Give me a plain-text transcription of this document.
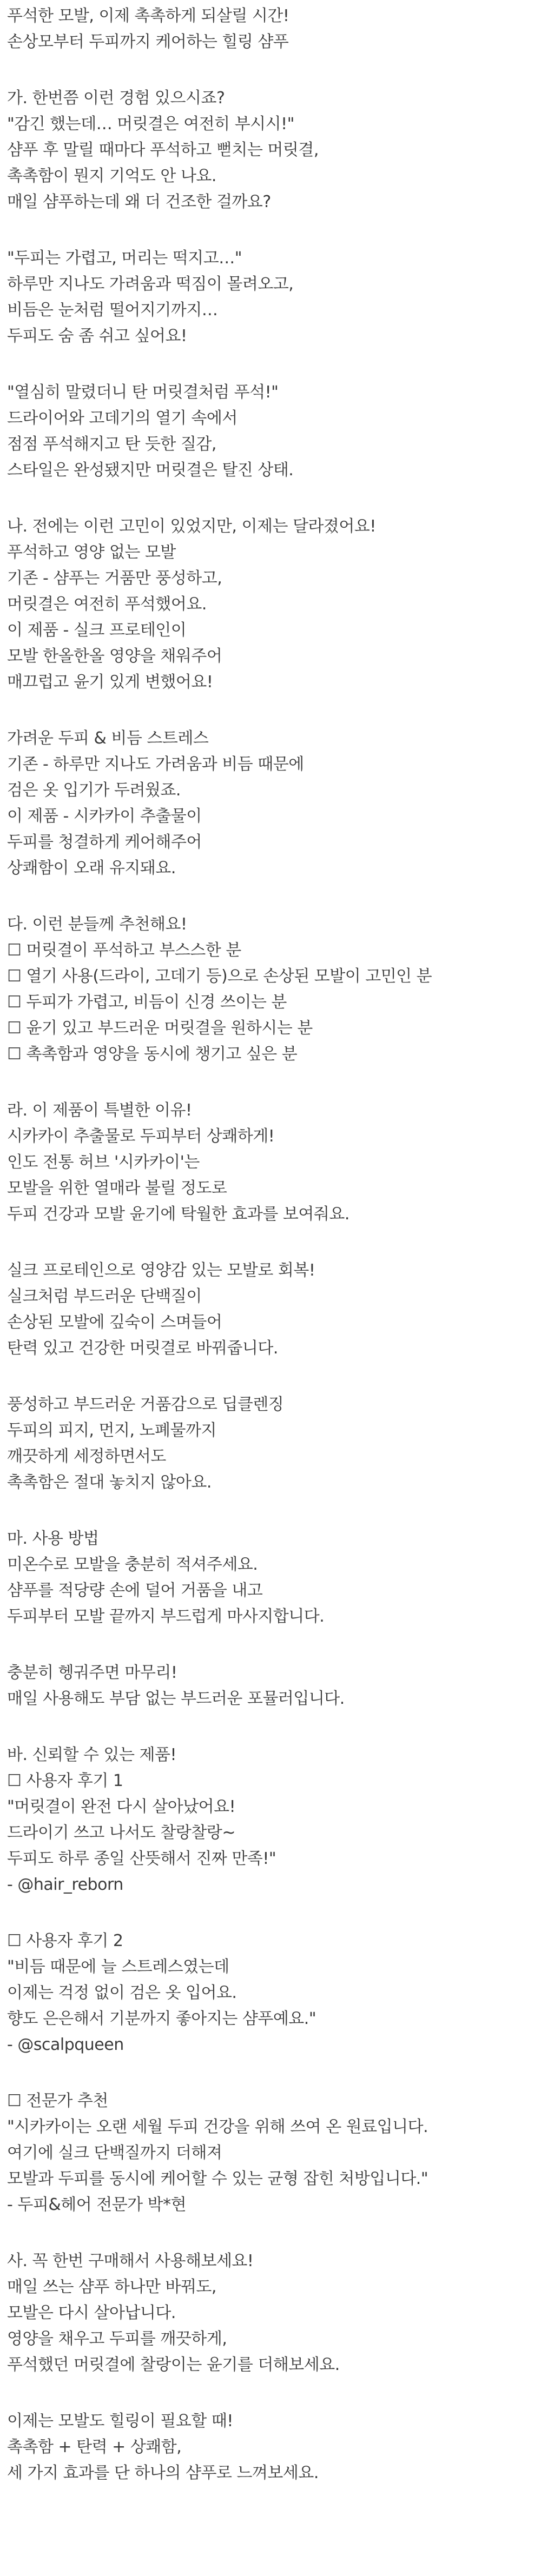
푸석한 모발, 이제 촉촉하게 되살릴 시간!
손상모부터 두피까지 케어하는 힐링 샴푸
가. 한번쯤 이런 경험 있으시죠?
"감긴 했는데… 머릿결은 여전히 부시시!"
샴푸 후 말릴 때마다 푸석하고 뻗치는 머릿결,
촉촉함이 뭔지 기억도 안 나요.
매일 샴푸하는데 왜 더 건조한 걸까요?
"두피는 가렵고, 머리는 떡지고…"
하루만 지나도 가려움과 떡짐이 몰려오고,
비듬은 눈처럼 떨어지기까지…
두피도 숨 좀 쉬고 싶어요!
"열심히 말렸더니 탄 머릿결처럼 푸석!"
드라이어와 고데기의 열기 속에서
점점 푸석해지고 탄 듯한 질감,
스타일은 완성됐지만 머릿결은 탈진 상태.
나. 전에는 이런 고민이 있었지만, 이제는 달라졌어요!
푸석하고 영양 없는 모발
기존 - 샴푸는 거품만 풍성하고,
머릿결은 여전히 푸석했어요.
이 제품 - 실크 프로테인이
모발 한올한올 영양을 채워주어
매끄럽고 윤기 있게 변했어요!
가려운 두피 & 비듬 스트레스
기존 - 하루만 지나도 가려움과 비듬 때문에
검은 옷 입기가 두려웠죠.
이 제품 - 시카카이 추출물이
두피를 청결하게 케어해주어
상쾌함이 오래 유지돼요.
다. 이런 분들께 추천해요!
☐ 머릿결이 푸석하고 부스스한 분
☐ 열기 사용(드라이, 고데기 등)으로 손상된 모발이 고민인 분
☐ 두피가 가렵고, 비듬이 신경 쓰이는 분
☐ 윤기 있고 부드러운 머릿결을 원하시는 분
☐ 촉촉함과 영양을 동시에 챙기고 싶은 분
라. 이 제품이 특별한 이유!
시카카이 추출물로 두피부터 상쾌하게!
인도 전통 허브 '시카카이'는
모발을 위한 열매라 불릴 정도로
두피 건강과 모발 윤기에 탁월한 효과를 보여줘요.
실크 프로테인으로 영양감 있는 모발로 회복!
실크처럼 부드러운 단백질이
손상된 모발에 깊숙이 스며들어
탄력 있고 건강한 머릿결로 바꿔줍니다.
풍성하고 부드러운 거품감으로 딥클렌징
두피의 피지, 먼지, 노폐물까지
깨끗하게 세정하면서도
촉촉함은 절대 놓치지 않아요.
마. 사용 방법
미온수로 모발을 충분히 적셔주세요.
샴푸를 적당량 손에 덜어 거품을 내고
두피부터 모발 끝까지 부드럽게 마사지합니다.
충분히 헹궈주면 마무리!
매일 사용해도 부담 없는 부드러운 포뮬러입니다.
바. 신뢰할 수 있는 제품!
☐ 사용자 후기 1
"머릿결이 완전 다시 살아났어요!
드라이기 쓰고 나서도 찰랑찰랑~
두피도 하루 종일 산뜻해서 진짜 만족!"
- @hair_reborn
☐ 사용자 후기 2
"비듬 때문에 늘 스트레스였는데
이제는 걱정 없이 검은 옷 입어요.
향도 은은해서 기분까지 좋아지는 샴푸예요."
- @scalpqueen
☐ 전문가 추천
"시카카이는 오랜 세월 두피 건강을 위해 쓰여 온 원료입니다.
여기에 실크 단백질까지 더해져
모발과 두피를 동시에 케어할 수 있는 균형 잡힌 처방입니다."
- 두피&헤어 전문가 박*현
사. 꼭 한번 구매해서 사용해보세요!
매일 쓰는 샴푸 하나만 바꿔도,
모발은 다시 살아납니다.
영양을 채우고 두피를 깨끗하게,
푸석했던 머릿결에 찰랑이는 윤기를 더해보세요.
이제는 모발도 힐링이 필요할 때!
촉촉함 + 탄력 + 상쾌함,
세 가지 효과를 단 하나의 샴푸로 느껴보세요.
